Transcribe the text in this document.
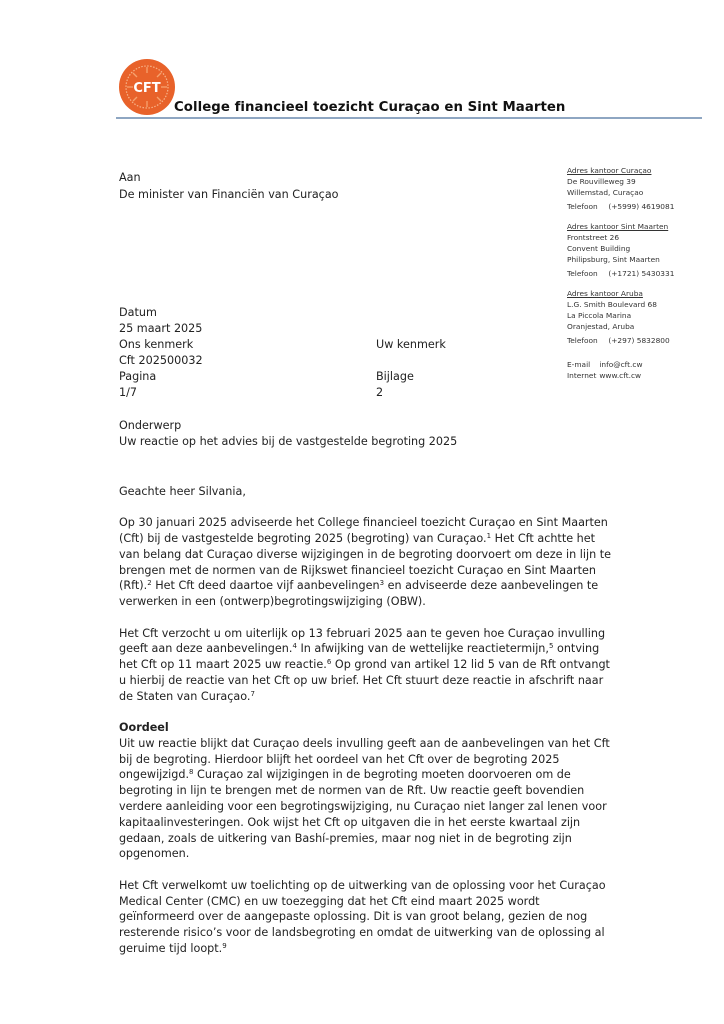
CFT
College financieel toezicht Curaçao en Sint Maarten
Aan
De minister van Financiën van Curaçao
Adres kantoor Curaçao
De Rouvilleweg 39
Willemstad, Curaçao
Telefoon (+5999) 4619081
Adres kantoor Sint Maarten
Frontstreet 26
Convent Building
Philipsburg, Sint Maarten
Telefoon (+1721) 5430331
Adres kantoor Aruba
L.G. Smith Boulevard 68
La Piccola Marina
Oranjestad, Aruba
Telefoon (+297) 5832800
E-mail info@cft.cw
Internet www.cft.cw
Datum
25 maart 2025
Ons kenmerk
Cft 202500032
Pagina
1/7
Uw kenmerk

Bijlage
2
Onderwerp
Uw reactie op het advies bij de vastgestelde begroting 2025

Geachte heer Silvania,

Op 30 januari 2025 adviseerde het College financieel toezicht Curaçao en Sint Maarten
(Cft) bij de vastgestelde begroting 2025 (begroting) van Curaçao.$^1$ Het Cft achtte het
van belang dat Curaçao diverse wijzigingen in de begroting doorvoert om deze in lijn te
brengen met de normen van de Rijkswet financieel toezicht Curaçao en Sint Maarten
(Rft).$^2$ Het Cft deed daartoe vijf aanbevelingen$^3$ en adviseerde deze aanbevelingen te
verwerken in een (ontwerp)begrotingswijziging (OBW).

Het Cft verzocht u om uiterlijk op 13 februari 2025 aan te geven hoe Curaçao invulling
geeft aan deze aanbevelingen.$^4$ In afwijking van de wettelijke reactietermijn,$^5$ ontving
het Cft op 11 maart 2025 uw reactie.$^6$ Op grond van artikel 12 lid 5 van de Rft ontvangt
u hierbij de reactie van het Cft op uw brief. Het Cft stuurt deze reactie in afschrift naar
de Staten van Curaçao.$^7$

Oordeel

Uit uw reactie blijkt dat Curaçao deels invulling geeft aan de aanbevelingen van het Cft
bij de begroting. Hierdoor blijft het oordeel van het Cft over de begroting 2025
ongewijzigd.$^8$ Curaçao zal wijzigingen in de begroting moeten doorvoeren om de
begroting in lijn te brengen met de normen van de Rft. Uw reactie geeft bovendien
verdere aanleiding voor een begrotingswijziging, nu Curaçao niet langer zal lenen voor
kapitaalinvesteringen. Ook wijst het Cft op uitgaven die in het eerste kwartaal zijn
gedaan, zoals de uitkering van Bashí-premies, maar nog niet in de begroting zijn
opgenomen.

Het Cft verwelkomt uw toelichting op de uitwerking van de oplossing voor het Curaçao
Medical Center (CMC) en uw toezegging dat het Cft eind maart 2025 wordt
geïnformeerd over de aangepaste oplossing. Dit is van groot belang, gezien de nog
resterende risico’s voor de landsbegroting en omdat de uitwerking van de oplossing al
geruime tijd loopt.$^9$
